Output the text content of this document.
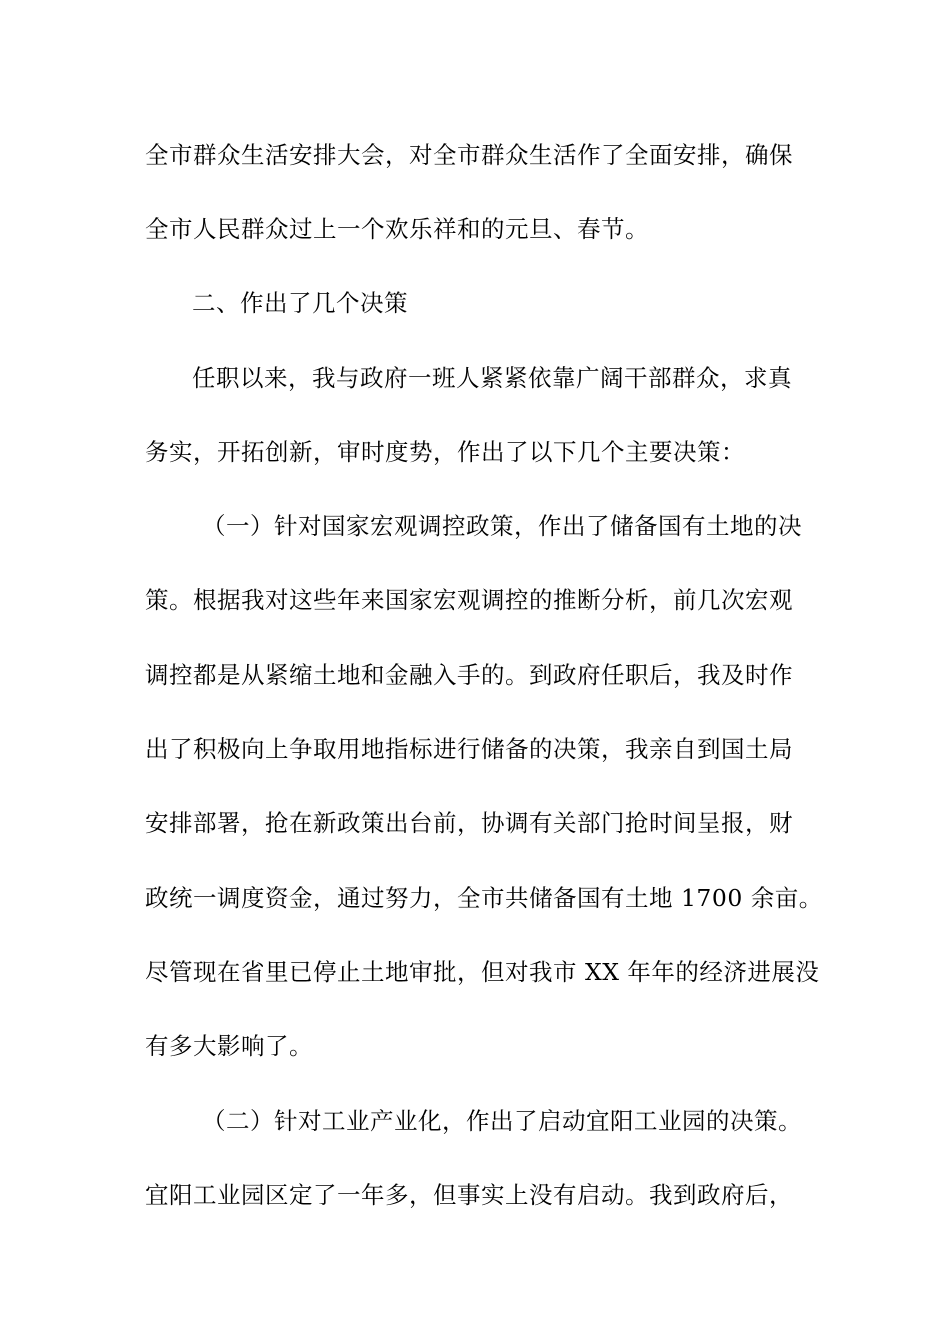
全市群众生活安排大会，对全市群众生活作了全面安排，确保
全市人民群众过上一个欢乐祥和的元旦、春节。
二、作出了几个决策
任职以来，我与政府一班人紧紧依靠广阔干部群众，求真
务实，开拓创新，审时度势，作出了以下几个主要决策：
（一）针对国家宏观调控政策，作出了储备国有土地的决
策。根据我对这些年来国家宏观调控的推断分析，前几次宏观
调控都是从紧缩土地和金融入手的。到政府任职后，我及时作
出了积极向上争取用地指标进行储备的决策，我亲自到国土局
安排部署，抢在新政策出台前，协调有关部门抢时间呈报，财
政统一调度资金，通过努力，全市共储备国有土地 1700 余亩。
尽管现在省里已停止土地审批，但对我市 XX 年年的经济进展没
有多大影响了。
（二）针对工业产业化，作出了启动宜阳工业园的决策。
宜阳工业园区定了一年多，但事实上没有启动。我到政府后，
